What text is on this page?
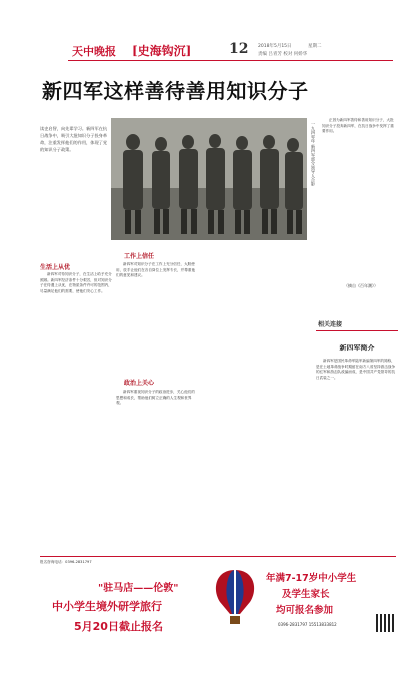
天中晚报 [史海钩沉]	12 2018年5月15日	星期二
责编 吕青芳 校对 何娇华
新四军这样善待善用知识分子
读史启智，向先辈学习。新四军在抗日战争中，吸引大批知识分子投身革命，注重发挥他们的作用，体现了党的知识分子政策。	一九四零年 新四军部分领导人合影

正因为新四军善待和善用知识分子，大批知识分子投奔新四军，在抗日战争中发挥了重要作用。

（摘自《百年潮》）
生活上从优

新四军对待知识分子，在生活上给予充分照顾。新四军经济条件十分艰苦，但对知识分子在待遇上从优，在物质条件许可的范围内，尽量满足他们的需要，使他们安心工作。

工作上信任

新四军对知识分子在工作上充分信任，大胆使用，放手让他们在各自岗位上发挥专长，并尊重他们的意见和建议。

政治上关心

新四军重视知识分子的政治进步，关心他们的思想和成长，帮助他们树立正确的人生观和世界观。

相关连接
新四军简介

新四军是国民革命军陆军新编第四军的简称，是在土地革命战争时期留在南方八省坚持游击战争的红军和游击队改编而成，是中国共产党领导的抗日武装之一。

报名咨询电话：0396-2831797
"驻马店——伦敦"
中小学生境外研学旅行
5月20日截止报名
年满7-17岁中小学生
及学生家长
均可报名参加
0396-2831797 15513833812
